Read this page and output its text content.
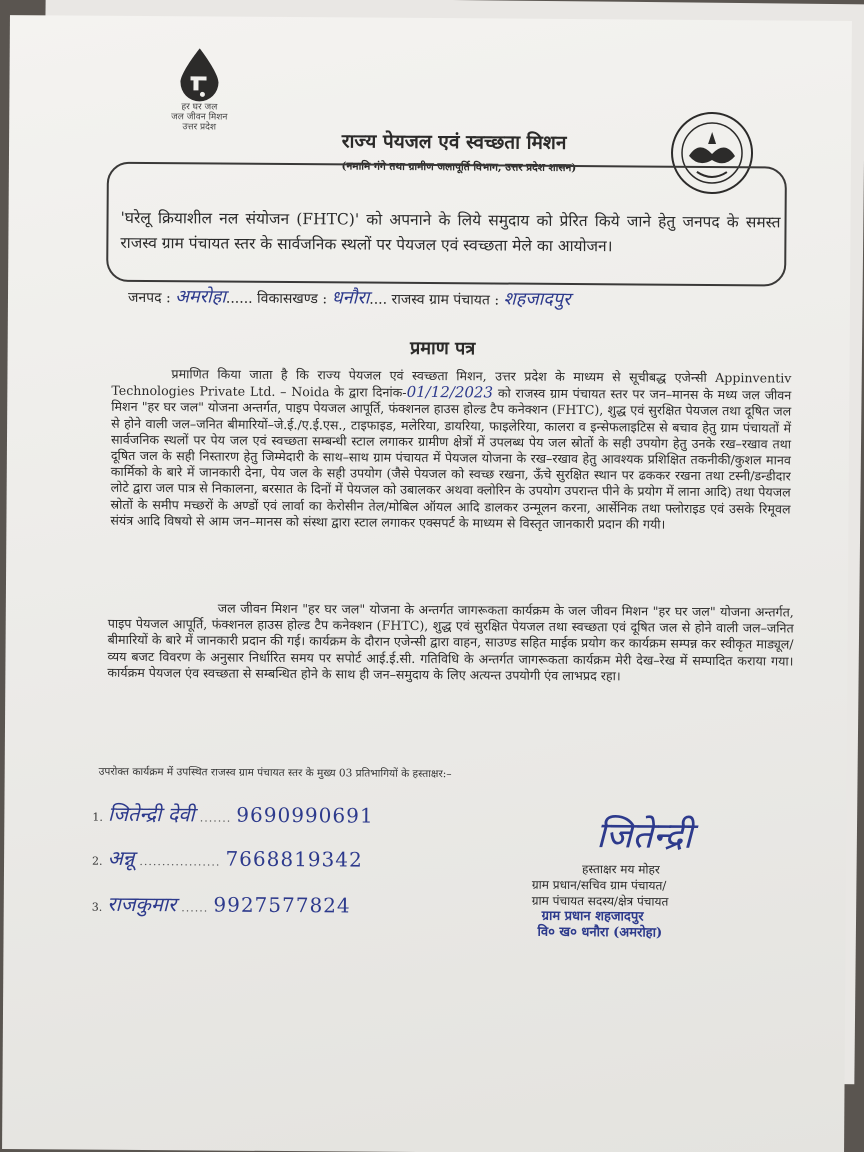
हर घर जल
जल जीवन मिशन
उत्तर प्रदेश
राज्य पेयजल एवं स्वच्छता मिशन
(नमामि गंगे तथा ग्रामीण जलापूर्ति विभाग, उत्तर प्रदेश शासन)
'घरेलू क्रियाशील नल संयोजन (FHTC)' को अपनाने के लिये समुदाय को प्रेरित किये जाने हेतु जनपद के समस्त राजस्व ग्राम पंचायत स्तर के सार्वजनिक स्थलों पर पेयजल एवं स्वच्छता मेले का आयोजन।
जनपद : अमरोहा...... विकासखण्ड : धनौरा.... राजस्व ग्राम पंचायत : शहजादपुर
प्रमाण पत्र
प्रमाणित किया जाता है कि राज्य पेयजल एवं स्वच्छता मिशन, उत्तर प्रदेश के माध्यम से सूचीबद्ध एजेन्सी Appinventiv Technologies Private Ltd. – Noida के द्वारा दिनांक-01/12/2023 को राजस्व ग्राम पंचायत स्तर पर जन–मानस के मध्य जल जीवन मिशन "हर घर जल" योजना अन्तर्गत, पाइप पेयजल आपूर्ति, फंक्शनल हाउस होल्ड टैप कनेक्शन (FHTC), शुद्ध एवं सुरक्षित पेयजल तथा दूषित जल से होने वाली जल–जनित बीमारियों–जे.ई./ए.ई.एस., टाइफाइड, मलेरिया, डायरिया, फाइलेरिया, कालरा व इन्सेफलाइटिस से बचाव हेतु ग्राम पंचायतों में सार्वजनिक स्थलों पर पेय जल एवं स्वच्छता सम्बन्धी स्टाल लगाकर ग्रामीण क्षेत्रों में उपलब्ध पेय जल स्रोतों के सही उपयोग हेतु उनके रख–रखाव तथा दूषित जल के सही निस्तारण हेतु जिम्मेदारी के साथ–साथ ग्राम पंचायत में पेयजल योजना के रख–रखाव हेतु आवश्यक प्रशिक्षित तकनीकी/कुशल मानव कार्मिको के बारे में जानकारी देना, पेय जल के सही उपयोग (जैसे पेयजल को स्वच्छ रखना, ऊँचे सुरक्षित स्थान पर ढककर रखना तथा टस्नी/डन्डीदार लोटे द्वारा जल पात्र से निकालना, बरसात के दिनों में पेयजल को उबालकर अथवा क्लोरिन के उपयोग उपरान्त पीने के प्रयोग में लाना आदि) तथा पेयजल स्रोतों के समीप मच्छरों के अण्डों एवं लार्वा का केरोसीन तेल/मोबिल ऑयल आदि डालकर उन्मूलन करना, आर्सेनिक तथा फ्लोराइड एवं उसके रिमूवल संयंत्र आदि विषयो से आम जन–मानस को संस्था द्वारा स्टाल लगाकर एक्सपर्ट के माध्यम से विस्तृत जानकारी प्रदान की गयी।
जल जीवन मिशन "हर घर जल" योजना के अन्तर्गत जागरूकता कार्यक्रम के जल जीवन मिशन "हर घर जल" योजना अन्तर्गत, पाइप पेयजल आपूर्ति, फंक्शनल हाउस होल्ड टैप कनेक्शन (FHTC), शुद्ध एवं सुरक्षित पेयजल तथा स्वच्छता एवं दूषित जल से होने वाली जल–जनित बीमारियों के बारे में जानकारी प्रदान की गई। कार्यक्रम के दौरान एजेन्सी द्वारा वाहन, साउण्ड सहित माईक प्रयोग कर कार्यक्रम सम्पन्न कर स्वीकृत माड्यूल/व्यय बजट विवरण के अनुसार निर्धारित समय पर सपोर्ट आई.ई.सी. गतिविधि के अन्तर्गत जागरूकता कार्यक्रम मेरी देख–रेख में सम्पादित कराया गया। कार्यक्रम पेयजल एंव स्वच्छता से सम्बन्धित होने के साथ ही जन–समुदाय के लिए अत्यन्त उपयोगी एंव लाभप्रद रहा।
उपरोक्त कार्यक्रम में उपस्थित राजस्व ग्राम पंचायत स्तर के मुख्य 03 प्रतिभागियों के हस्ताक्षर:–
1. जितेन्द्री देवी ....... 9690990691
2. अन्नू .................. 7668819342
3. राजकुमार ...... 9927577824
जितेन्द्री
हस्ताक्षर मय मोहर
ग्राम प्रधान/सचिव ग्राम पंचायत/
ग्राम पंचायत सदस्य/क्षेत्र पंचायत
ग्राम प्रधान शहजादपुर
वि० ख० धनौरा (अमरोहा)
